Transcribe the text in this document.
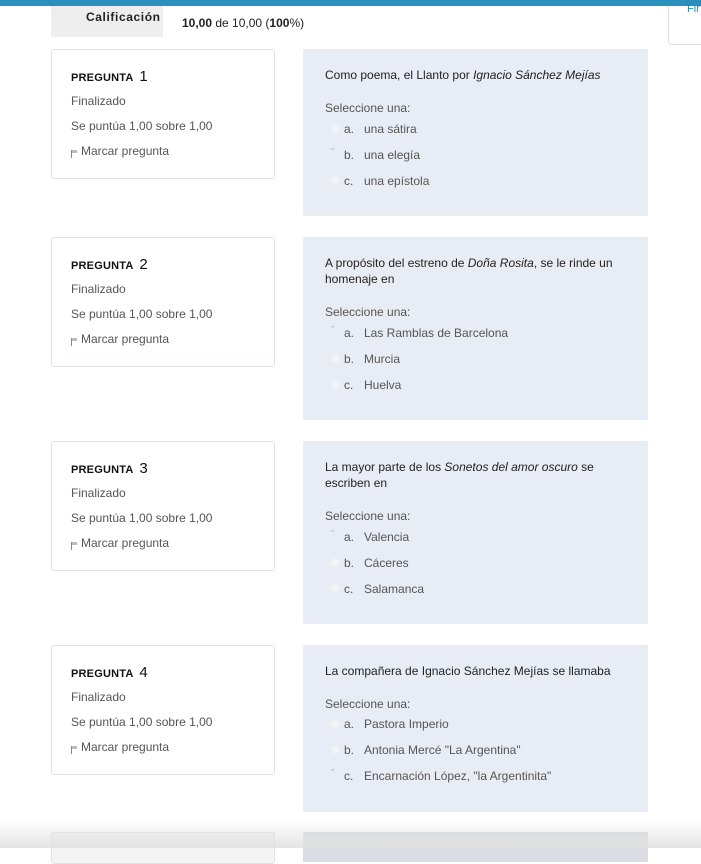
Calificación 10,00 de 10,00 (100%)
Fir
PREGUNTA 1
Finalizado
Se puntúa 1,00 sobre 1,00
Marcar pregunta
Como poema, el Llanto por Ignacio Sánchez Mejías
Seleccione una:
a. una sátira
ˇ b. una elegía
c. una epístola
PREGUNTA 2
Finalizado
Se puntúa 1,00 sobre 1,00
Marcar pregunta
A propósito del estreno de Doña Rosita, se le rinde un homenaje en
Seleccione una:
ˇ a. Las Ramblas de Barcelona
b. Murcia
c. Huelva
PREGUNTA 3
Finalizado
Se puntúa 1,00 sobre 1,00
Marcar pregunta
La mayor parte de los Sonetos del amor oscuro se escriben en
Seleccione una:
ˇ a. Valencia
b. Cáceres
c. Salamanca
PREGUNTA 4
Finalizado
Se puntúa 1,00 sobre 1,00
Marcar pregunta
La compañera de Ignacio Sánchez Mejías se llamaba
Seleccione una:
a. Pastora Imperio
b. Antonia Mercé "La Argentina"
ˇ c. Encarnación López, "la Argentinita"
